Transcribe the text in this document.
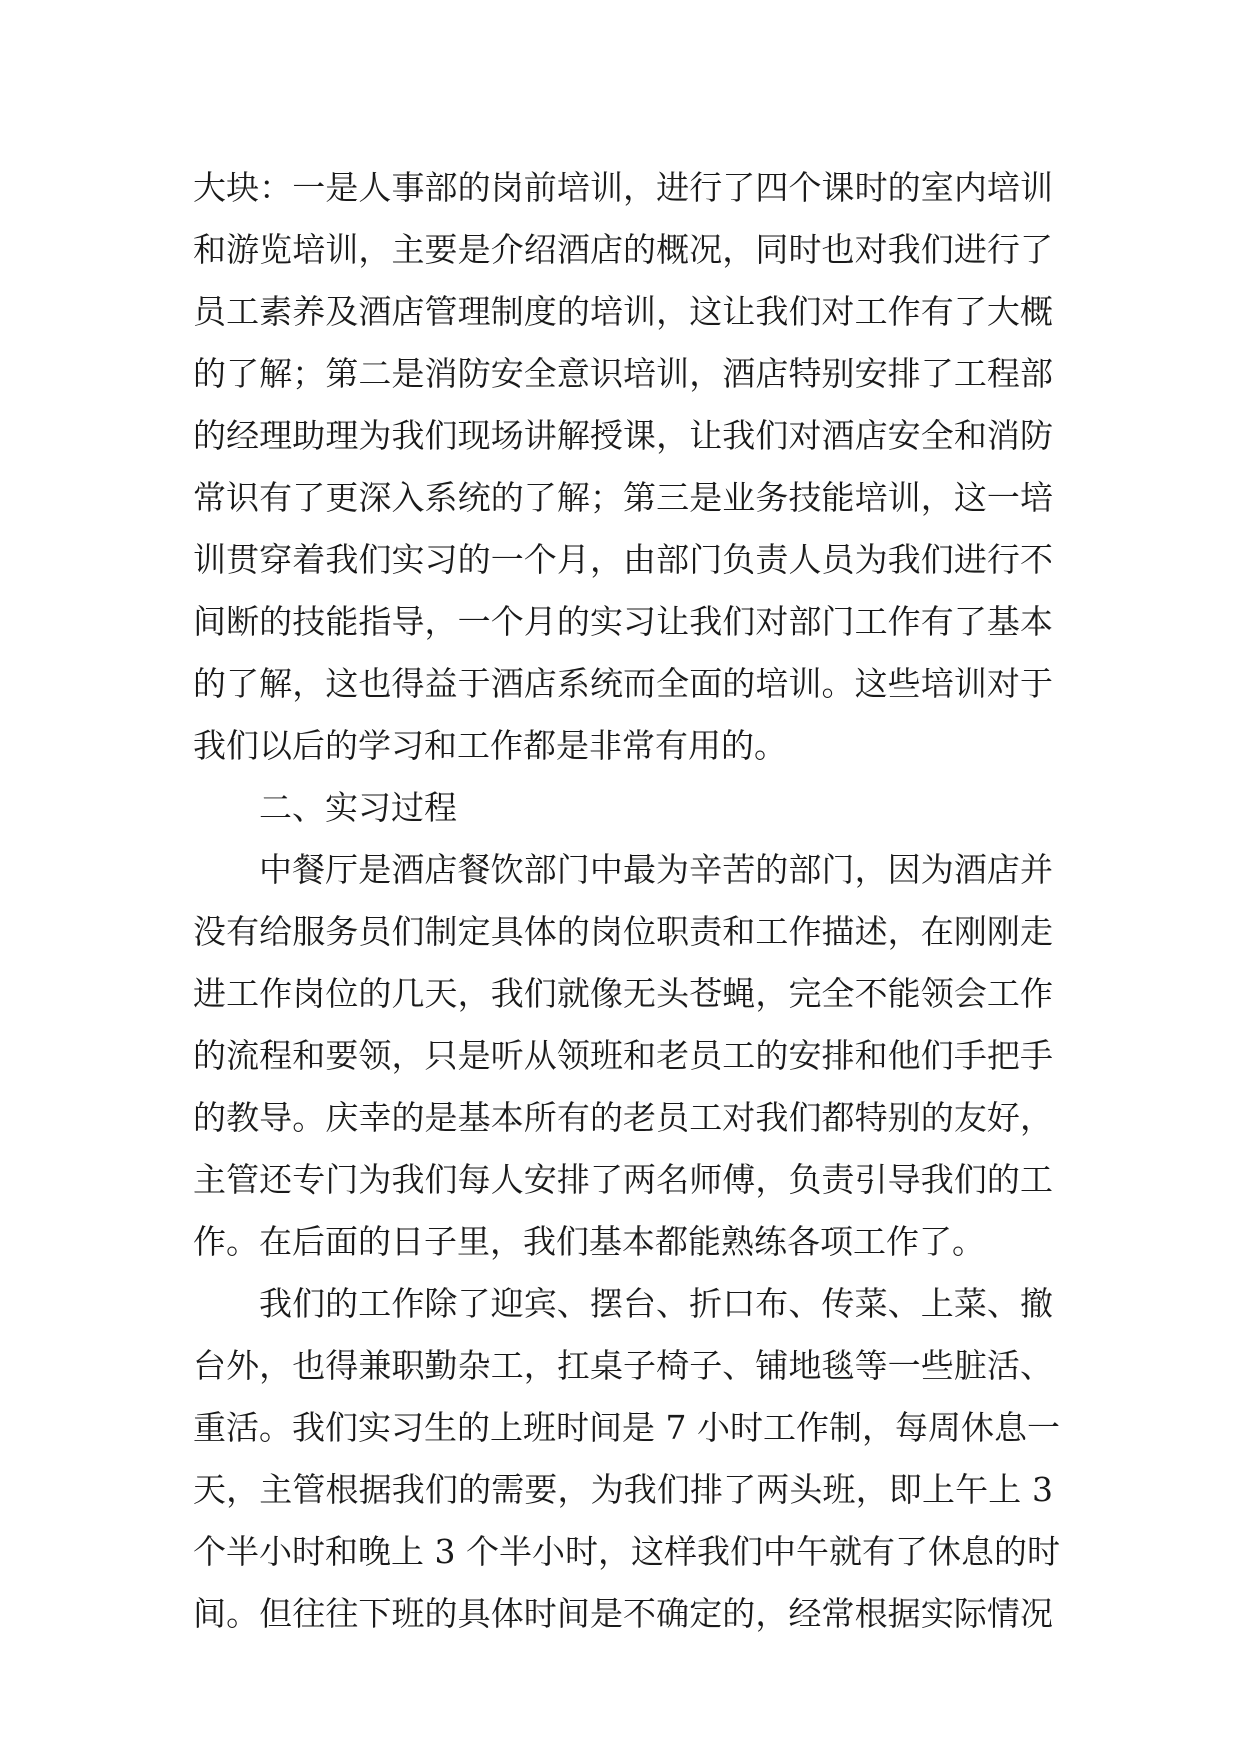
大块：一是人事部的岗前培训，进行了四个课时的室内培训
和游览培训，主要是介绍酒店的概况，同时也对我们进行了
员工素养及酒店管理制度的培训，这让我们对工作有了大概
的了解；第二是消防安全意识培训，酒店特别安排了工程部
的经理助理为我们现场讲解授课，让我们对酒店安全和消防
常识有了更深入系统的了解；第三是业务技能培训，这一培
训贯穿着我们实习的一个月，由部门负责人员为我们进行不
间断的技能指导，一个月的实习让我们对部门工作有了基本
的了解，这也得益于酒店系统而全面的培训。这些培训对于
我们以后的学习和工作都是非常有用的。
二、实习过程
中餐厅是酒店餐饮部门中最为辛苦的部门，因为酒店并
没有给服务员们制定具体的岗位职责和工作描述，在刚刚走
进工作岗位的几天，我们就像无头苍蝇，完全不能领会工作
的流程和要领，只是听从领班和老员工的安排和他们手把手
的教导。庆幸的是基本所有的老员工对我们都特别的友好，
主管还专门为我们每人安排了两名师傅，负责引导我们的工
作。在后面的日子里，我们基本都能熟练各项工作了。
我们的工作除了迎宾、摆台、折口布、传菜、上菜、撤
台外，也得兼职勤杂工，扛桌子椅子、铺地毯等一些脏活、
重活。我们实习生的上班时间是 7 小时工作制，每周休息一
天，主管根据我们的需要，为我们排了两头班，即上午上 3
个半小时和晚上 3 个半小时，这样我们中午就有了休息的时
间。但往往下班的具体时间是不确定的，经常根据实际情况
